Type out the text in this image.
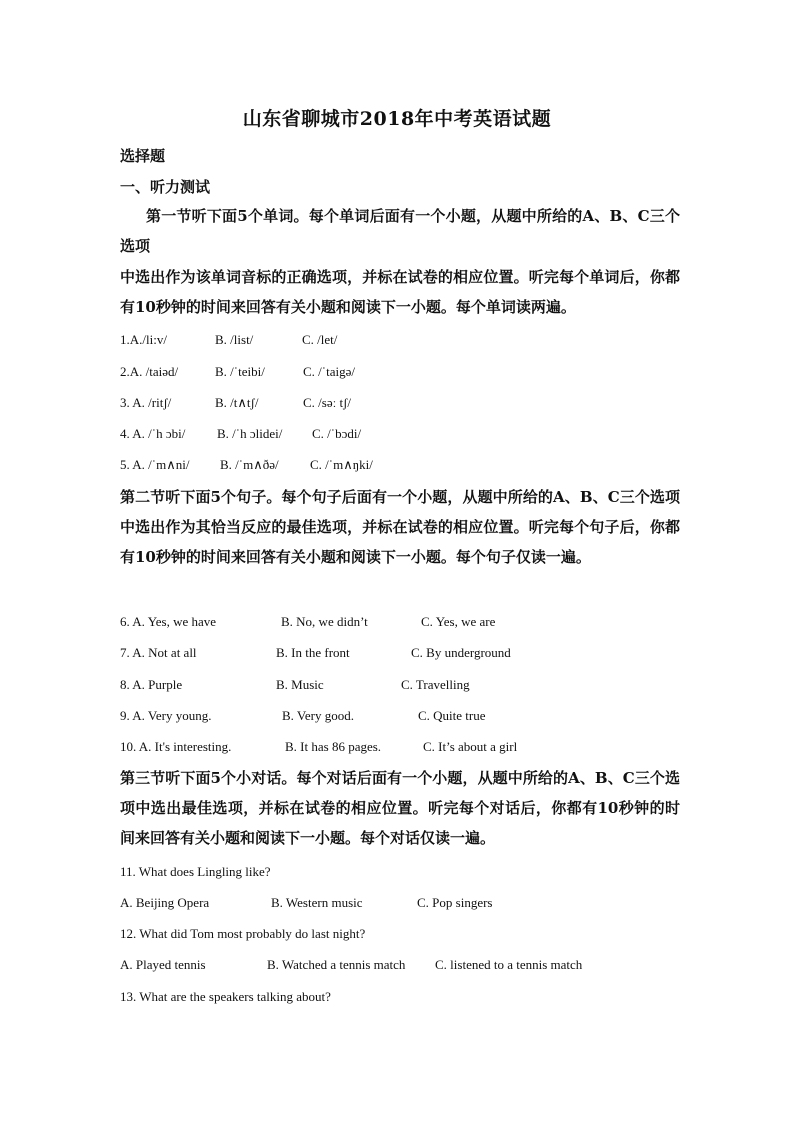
山东省聊城市2018年中考英语试题
选择题
一、听力测试
第一节听下面5个单词。每个单词后面有一个小题，从题中所给的A、B、C三个选项
中选出作为该单词音标的正确选项，并标在试卷的相应位置。听完每个单词后，你都有10秒钟的时间来回答有关小题和阅读下一小题。每个单词读两遍。
1.A./li:v/	B. /list/	C. /let/
2.A. /taiəd/	B. /ˈteibi/	C. /ˈtaigə/
3. A. /ritʃ/	B. /t∧tʃ/	C. /səː tʃ/
4. A. /ˈh ɔbi/ B. /ˈh ɔlidei/ C. /ˈbɔdi/
5. A. /ˈm∧ni/ B. /ˈm∧ðə/ C. /ˈm∧ŋki/
第二节听下面5个句子。每个句子后面有一个小题，从题中所给的A、B、C三个选项中选出作为其恰当反应的最佳选项，并标在试卷的相应位置。听完每个句子后，你都有10秒钟的时间来回答有关小题和阅读下一小题。每个句子仅读一遍。
6. A. Yes, we have	B. No, we didn’t	C. Yes, we are
7. A. Not at all	B. In the front	C. By underground
8. A. Purple	B. Music	C. Travelling
9. A. Very young.	B. Very good.	C. Quite true
10. A. It's interesting.	B. It has 86 pages.	C. It’s about a girl
第三节听下面5个小对话。每个对话后面有一个小题，从题中所给的A、B、C三个选项中选出最佳选项，并标在试卷的相应位置。听完每个对话后，你都有10秒钟的时间来回答有关小题和阅读下一小题。每个对话仅读一遍。
11. What does Lingling like?
A. Beijing Opera	B. Western music	C. Pop singers
12. What did Tom most probably do last night?
A. Played tennis	B. Watched a tennis match C. listened to a tennis match
13. What are the speakers talking about?
